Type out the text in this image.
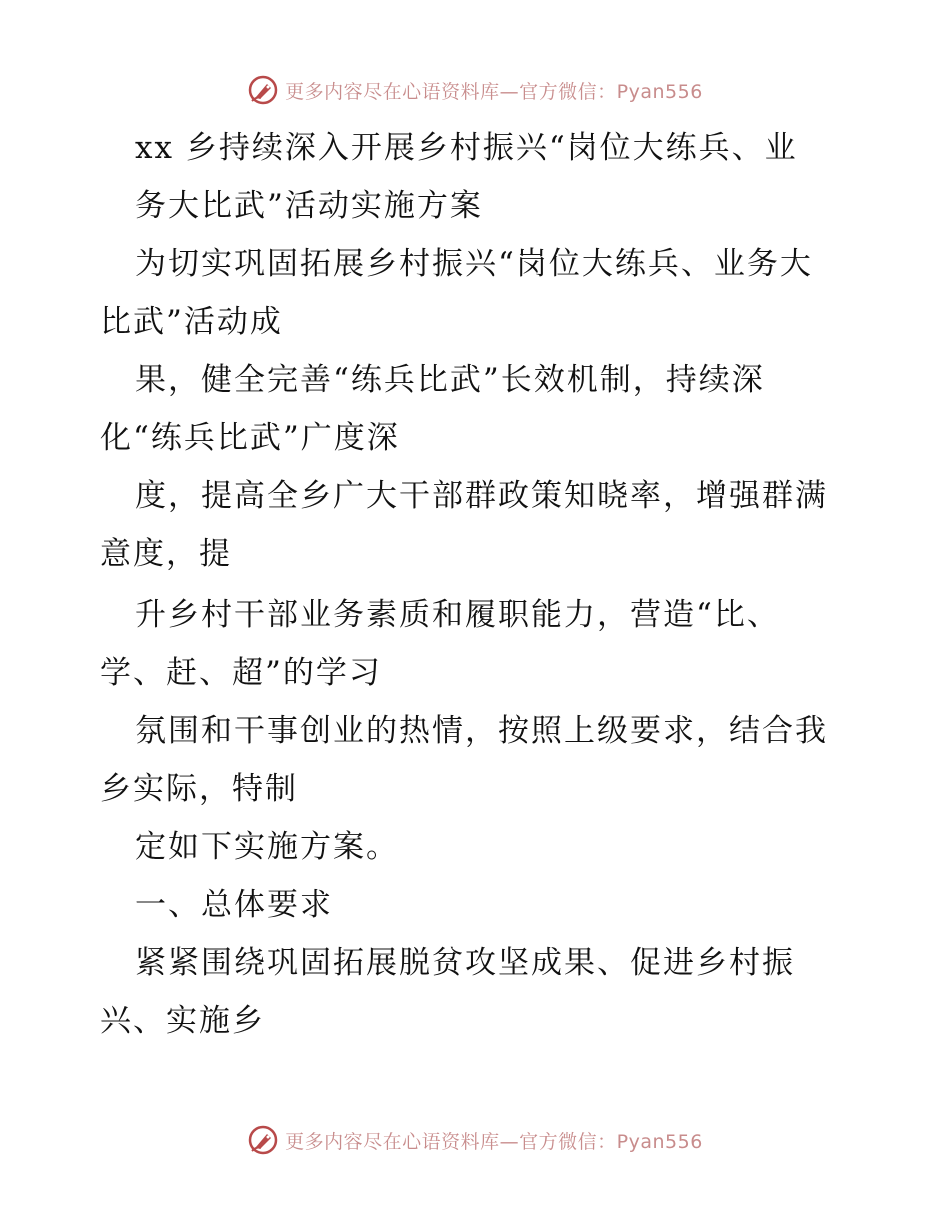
更多内容尽在心语资料库—官方微信：Pyan556
xx 乡持续深入开展乡村振兴“岗位大练兵、业
务大比武”活动实施方案
为切实巩固拓展乡村振兴“岗位大练兵、业务大
比武”活动成
果，健全完善“练兵比武”长效机制，持续深
化“练兵比武”广度深
度，提高全乡广大干部群政策知晓率，增强群满
意度，提
升乡村干部业务素质和履职能力，营造“比、
学、赶、超”的学习
氛围和干事创业的热情，按照上级要求，结合我
乡实际，特制
定如下实施方案。
一、总体要求
紧紧围绕巩固拓展脱贫攻坚成果、促进乡村振
兴、实施乡
更多内容尽在心语资料库—官方微信：Pyan556
